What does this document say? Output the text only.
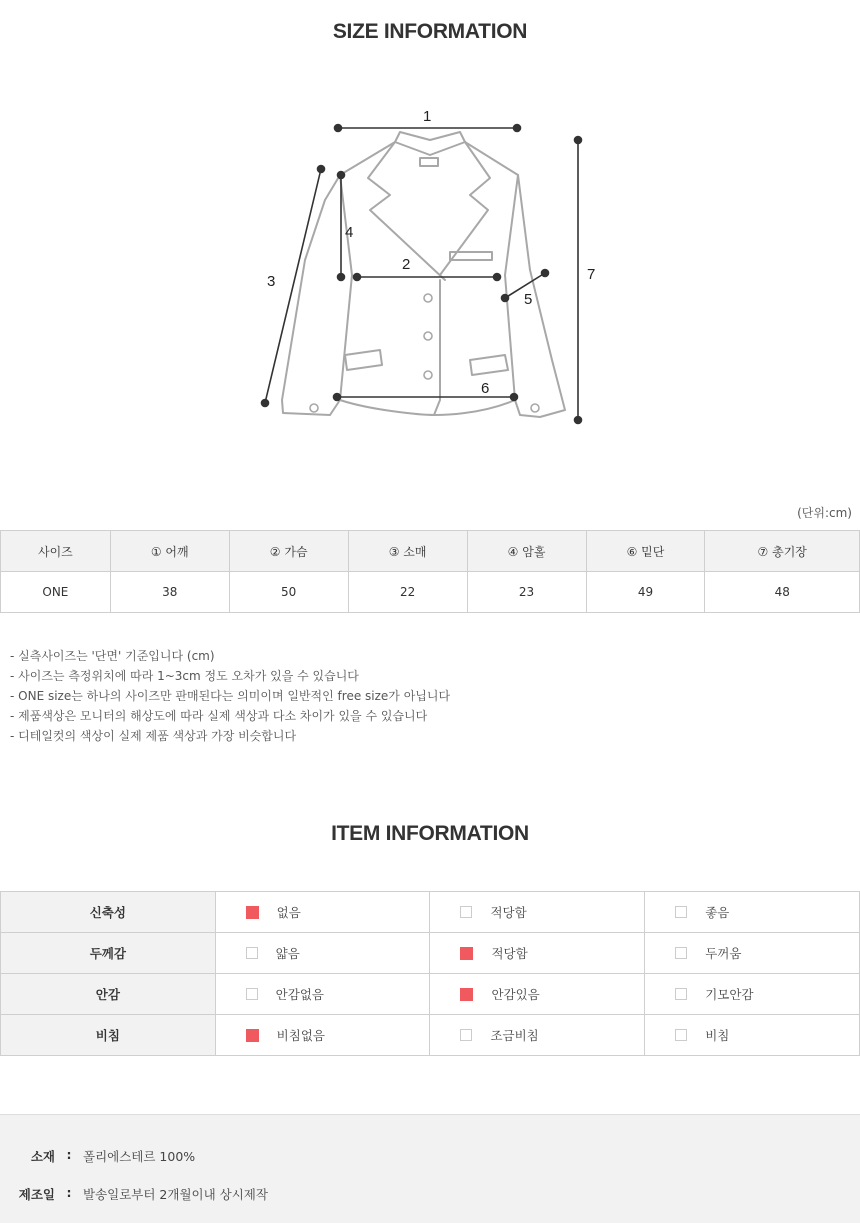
SIZE INFORMATION
1
2
3
4
5
6
7
(단위:cm)
사이즈	① 어깨	② 가슴	③ 소매	④ 암홀	⑥ 밑단	⑦ 총기장
ONE	38	50	22	23	49	48
- 실측사이즈는 '단면' 기준입니다 (cm)
- 사이즈는 측정위치에 따라 1~3cm 정도 오차가 있을 수 있습니다
- ONE size는 하나의 사이즈만 판매된다는 의미이며 일반적인 free size가 아닙니다
- 제품색상은 모니터의 해상도에 따라 실제 색상과 다소 차이가 있을 수 있습니다
- 디테일컷의 색상이 실제 제품 색상과 가장 비슷합니다
ITEM INFORMATION
신축성	없음	적당함	좋음

두께감	얇음	적당함	두꺼움

안감	안감없음	안감있음	기모안감

비침	비침없음	조금비침	비침
소재 : 폴리에스테르 100%
제조일 : 발송일로부터 2개월이내 상시제작
